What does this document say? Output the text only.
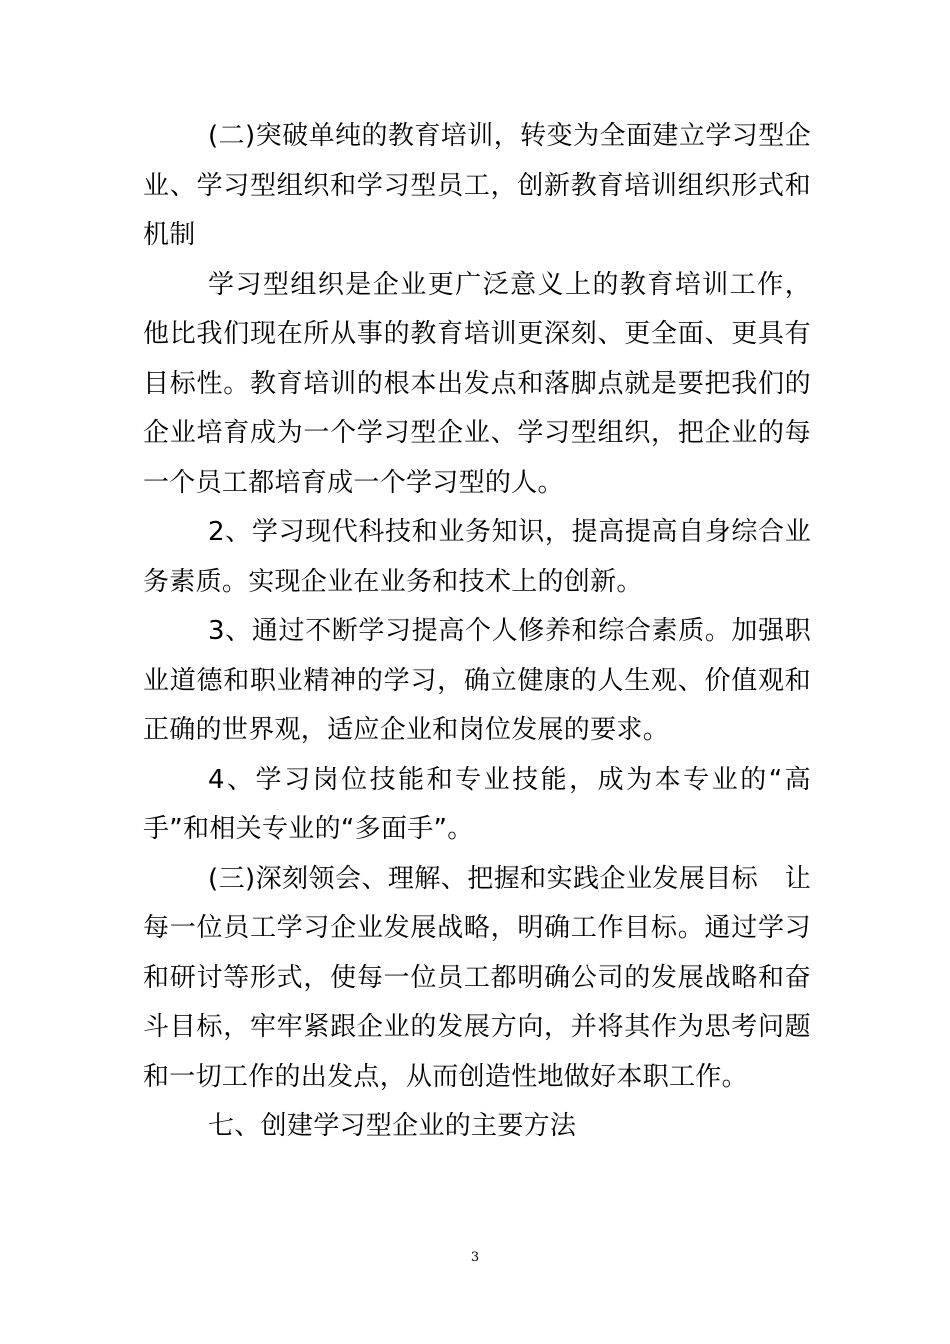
(二)突破单纯的教育培训，转变为全面建立学习型企业、学习型组织和学习型员工，创新教育培训组织形式和机制

学习型组织是企业更广泛意义上的教育培训工作，他比我们现在所从事的教育培训更深刻、更全面、更具有目标性。教育培训的根本出发点和落脚点就是要把我们的企业培育成为一个学习型企业、学习型组织，把企业的每一个员工都培育成一个学习型的人。

2、学习现代科技和业务知识，提高提高自身综合业务素质。实现企业在业务和技术上的创新。

3、通过不断学习提高个人修养和综合素质。加强职业道德和职业精神的学习，确立健康的人生观、价值观和正确的世界观，适应企业和岗位发展的要求。

4、学习岗位技能和专业技能，成为本专业的“高手”和相关专业的“多面手”。

(三)深刻领会、理解、把握和实践企业发展目标　让每一位员工学习企业发展战略，明确工作目标。通过学习和研讨等形式，使每一位员工都明确公司的发展战略和奋斗目标，牢牢紧跟企业的发展方向，并将其作为思考问题和一切工作的出发点，从而创造性地做好本职工作。

七、创建学习型企业的主要方法

3
